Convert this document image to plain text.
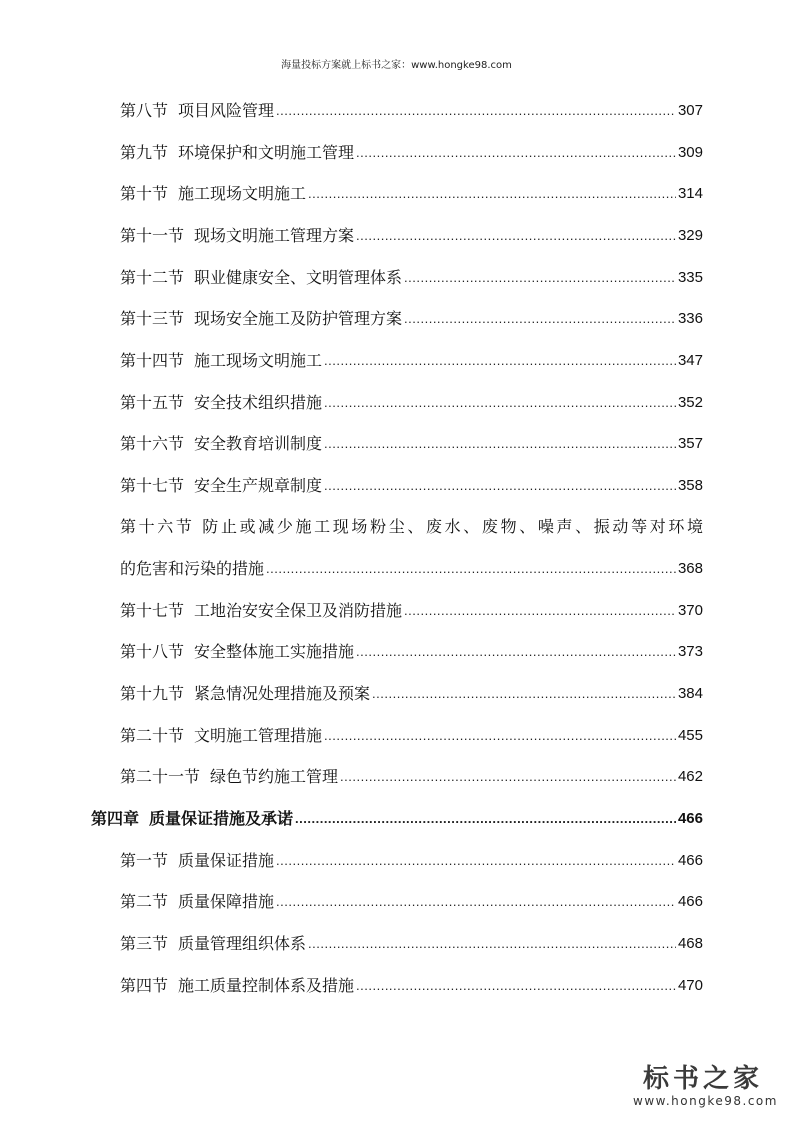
海量投标方案就上标书之家：www.hongke98.com
第八节 项目风险管理 .....	307
第九节 环境保护和文明施工管理 .....	309
第十节 施工现场文明施工 .....	314
第十一节 现场文明施工管理方案 .....	329
第十二节 职业健康安全、文明管理体系 .....	335
第十三节 现场安全施工及防护管理方案 .....	336
第十四节 施工现场文明施工 .....	347
第十五节 安全技术组织措施 .....	352
第十六节 安全教育培训制度 .....	357
第十七节 安全生产规章制度 .....	358
第十六节 防止或减少施工现场粉尘、废水、废物、噪声、振动等对环境
的危害和污染的措施 .....	368
第十七节 工地治安安全保卫及消防措施 .....	370
第十八节 安全整体施工实施措施 .....	373
第十九节 紧急情况处理措施及预案 .....	384
第二十节 文明施工管理措施 .....	455
第二十一节 绿色节约施工管理 .....	462
第四章 质量保证措施及承诺 .....	466
第一节 质量保证措施 .....	466
第二节 质量保障措施 .....	466
第三节 质量管理组织体系 .....	468
第四节 施工质量控制体系及措施 .....	470
标书之家
www.hongke98.com
